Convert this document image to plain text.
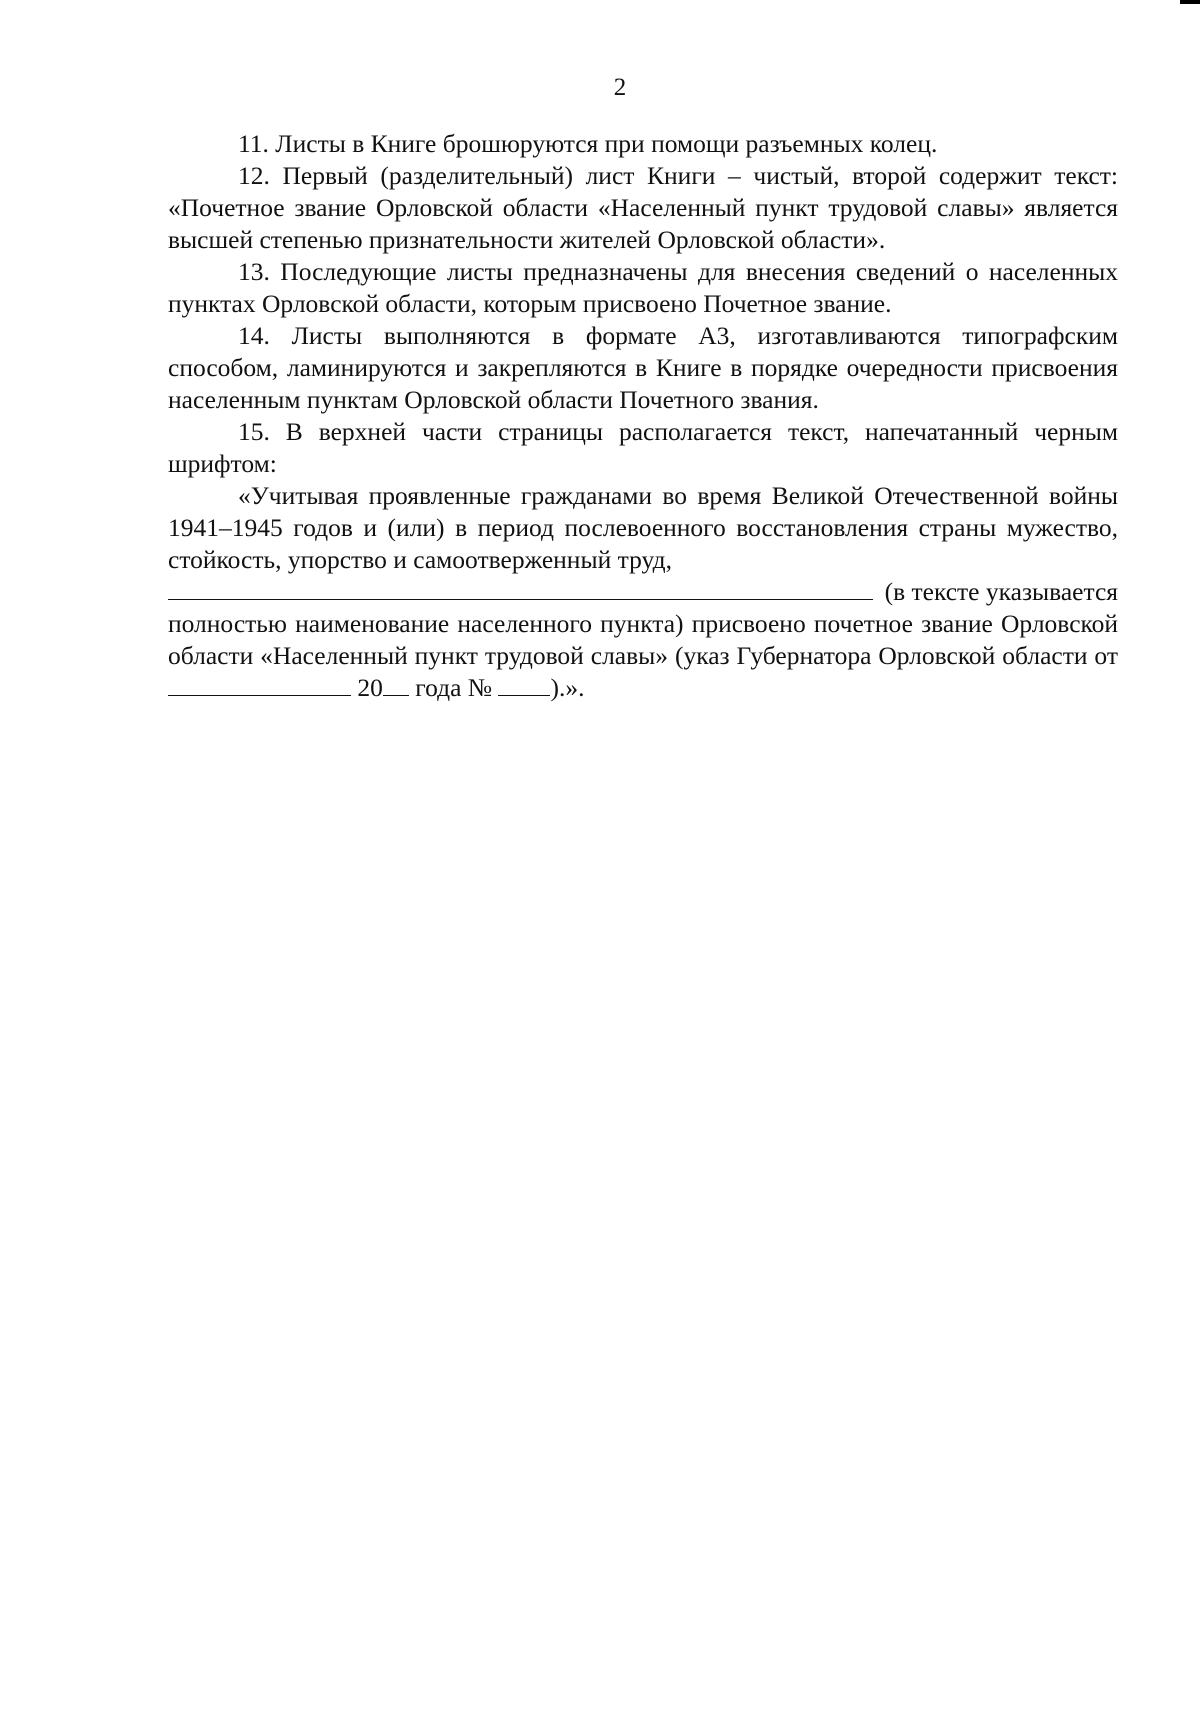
2

11. Листы в Книге брошюруются при помощи разъемных колец.

12. Первый (разделительный) лист Книги – чистый, второй содержит текст: «Почетное звание Орловской области «Населенный пункт трудовой славы» является высшей степенью признательности жителей Орловской области».

13. Последующие листы предназначены для внесения сведений о населенных пунктах Орловской области, которым присвоено Почетное звание.

14. Листы выполняются в формате А3, изготавливаются типографским способом, ламинируются и закрепляются в Книге в порядке очередности присвоения населенным пунктам Орловской области Почетного звания.

15. В верхней части страницы располагается текст, напечатанный черным шрифтом:

«Учитывая проявленные гражданами во время Великой Отечественной войны 1941–1945 годов и (или) в период послевоенного восстановления страны мужество, стойкость, упорство и самоотверженный труд,

(в тексте указывается

полностью наименование населенного пункта) присвоено почетное звание Орловской области «Населенный пункт трудовой славы» (указ Губернатора Орловской области от  20 года № ).».
